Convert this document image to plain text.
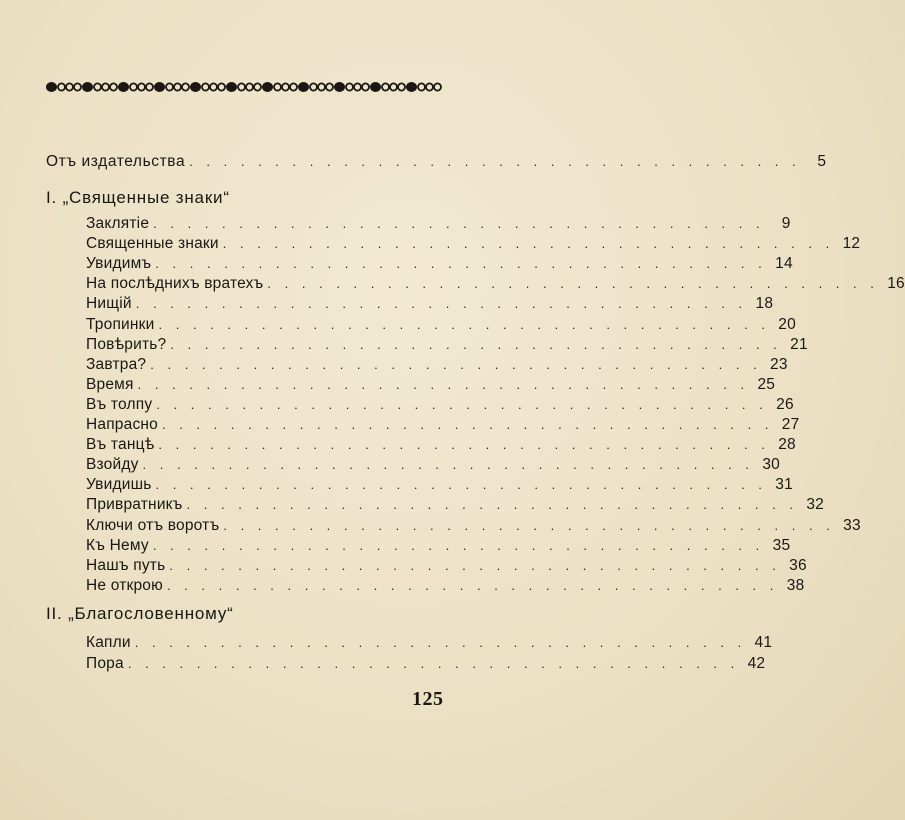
Отъ издательства . . . . . . . . . . . . . . . . . . . . . . . . . . . . . . . . . . . .	5
I. „Священные знаки“
Заклятіе . . . . . . . . . . . . . . . . . . . . . . . . . . . . . . . . . . . .	9
Священные знаки . . . . . . . . . . . . . . . . . . . . . . . . . . . . . . . . . . . . 12
Увидимъ . . . . . . . . . . . . . . . . . . . . . . . . . . . . . . . . . . . . 14
На послѣднихъ вратехъ . . . . . . . . . . . . . . . . . . . . . . . . . . . . . . . . . . . . 16
Нищій . . . . . . . . . . . . . . . . . . . . . . . . . . . . . . . . . . . . 18
Тропинки . . . . . . . . . . . . . . . . . . . . . . . . . . . . . . . . . . . . 20
Повѣрить? . . . . . . . . . . . . . . . . . . . . . . . . . . . . . . . . . . . . 21
Завтра? . . . . . . . . . . . . . . . . . . . . . . . . . . . . . . . . . . . . 23
Время . . . . . . . . . . . . . . . . . . . . . . . . . . . . . . . . . . . . 25
Въ толпу . . . . . . . . . . . . . . . . . . . . . . . . . . . . . . . . . . . . 26
Напрасно . . . . . . . . . . . . . . . . . . . . . . . . . . . . . . . . . . . . 27
Въ танцѣ . . . . . . . . . . . . . . . . . . . . . . . . . . . . . . . . . . . . 28
Взойду . . . . . . . . . . . . . . . . . . . . . . . . . . . . . . . . . . . . 30
Увидишь . . . . . . . . . . . . . . . . . . . . . . . . . . . . . . . . . . . . 31
Привратникъ . . . . . . . . . . . . . . . . . . . . . . . . . . . . . . . . . . . . 32
Ключи отъ воротъ . . . . . . . . . . . . . . . . . . . . . . . . . . . . . . . . . . . . 33
Къ Нему . . . . . . . . . . . . . . . . . . . . . . . . . . . . . . . . . . . . 35
Нашъ путь . . . . . . . . . . . . . . . . . . . . . . . . . . . . . . . . . . . . 36
Не открою . . . . . . . . . . . . . . . . . . . . . . . . . . . . . . . . . . . . 38
II. „Благословенному“
Капли . . . . . . . . . . . . . . . . . . . . . . . . . . . . . . . . . . . . 41
Пора . . . . . . . . . . . . . . . . . . . . . . . . . . . . . . . . . . . . 42
125
